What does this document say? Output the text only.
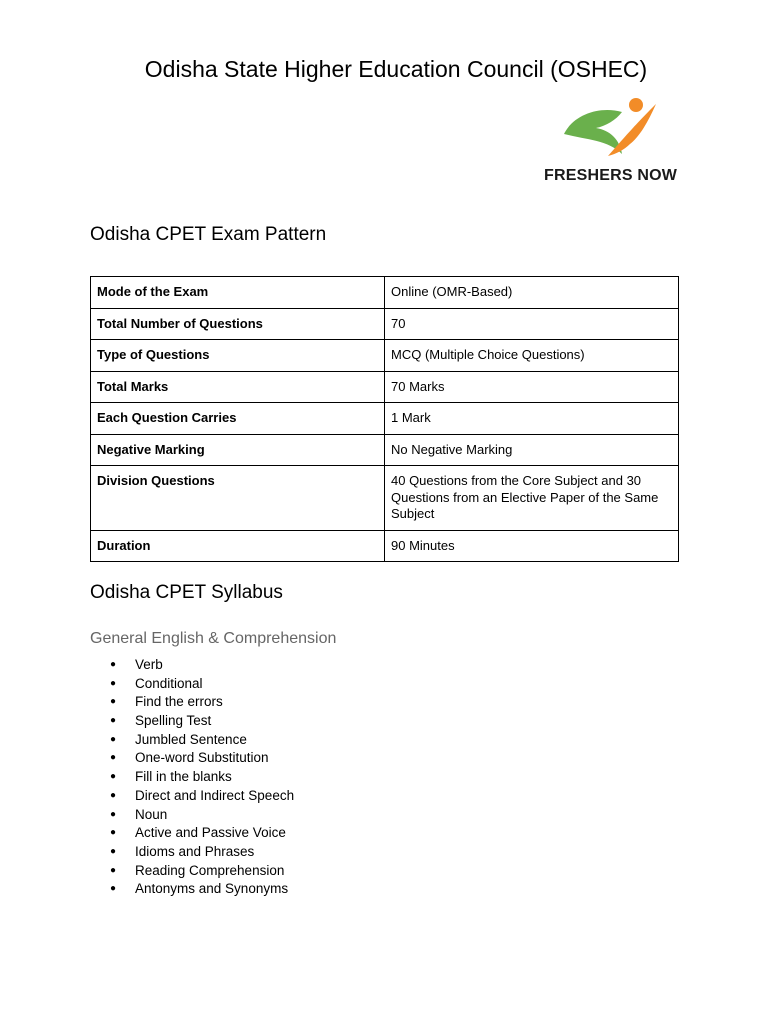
Odisha State Higher Education Council (OSHEC)
FRESHERS NOW
Odisha CPET Exam Pattern
Mode of the Exam	Online (OMR-Based)
Total Number of Questions	70
Type of Questions	MCQ (Multiple Choice Questions)
Total Marks	70 Marks
Each Question Carries	1 Mark
Negative Marking	No Negative Marking
Division Questions	40 Questions from the Core Subject and 30 Questions from an Elective Paper of the Same Subject
Duration	90 Minutes
Odisha CPET Syllabus
General English & Comprehension
● Verb
● Conditional
● Find the errors
● Spelling Test
● Jumbled Sentence
● One-word Substitution
● Fill in the blanks
● Direct and Indirect Speech
● Noun
● Active and Passive Voice
● Idioms and Phrases
● Reading Comprehension
● Antonyms and Synonyms
